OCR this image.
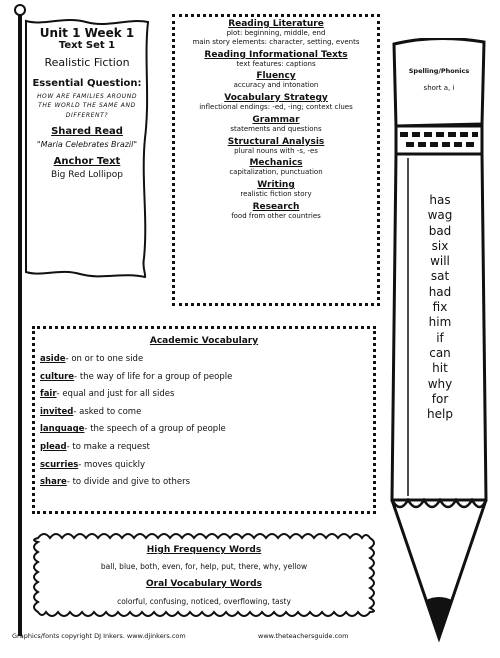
Unit 1 Week 1
Text Set 1
Realistic Fiction
Essential Question:
HOW ARE FAMILIES AROUND THE WORLD THE SAME AND DIFFERENT?
Shared Read
"Maria Celebrates Brazil"
Anchor Text
Big Red Lollipop
Reading Literature
plot: beginning, middle, end
main story elements: character, setting, events
Reading Informational Texts
text features: captions
Fluency
accuracy and intonation
Vocabulary Strategy
inflectional endings: -ed, -ing; context clues
Grammar
statements and questions
Structural Analysis
plural nouns with -s, -es
Mechanics
capitalization, punctuation
Writing
realistic fiction story
Research
food from other countries
Spelling/Phonics
short a, i
has
wag
bad
six
will
sat
had
fix
him
if
can
hit
why
for
help
Academic Vocabulary
aside- on or to one side
culture- the way of life for a group of people
fair- equal and just for all sides
invited- asked to come
language- the speech of a group of people
plead- to make a request
scurries- moves quickly
share- to divide and give to others
High Frequency Words
ball, blue, both, even, for, help, put, there, why, yellow
Oral Vocabulary Words
colorful, confusing, noticed, overflowing, tasty
Graphics/fonts copyright DJ Inkers. www.djinkers.com	www.theteachersguide.com
